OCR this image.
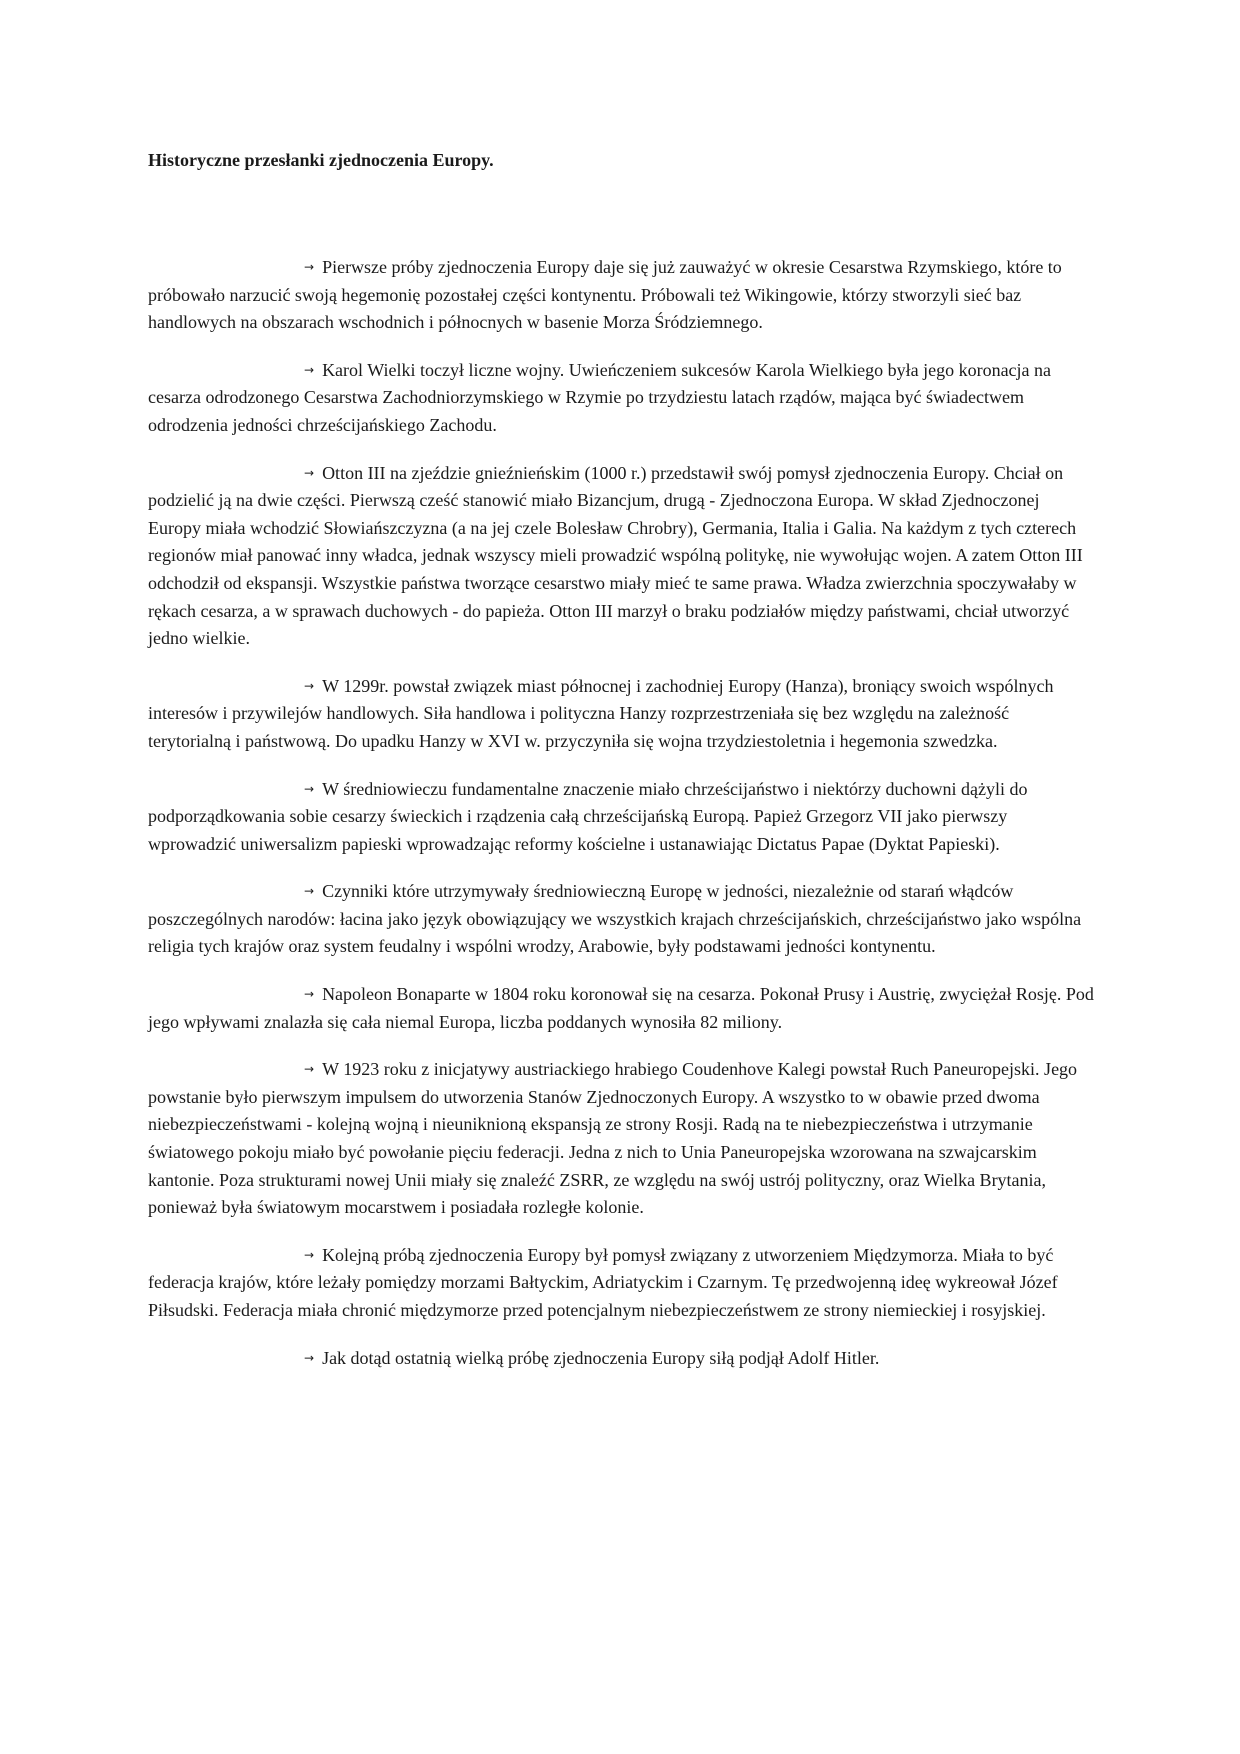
Historyczne przesłanki zjednoczenia Europy.

→ Pierwsze próby zjednoczenia Europy daje się już zauważyć w okresie Cesarstwa Rzymskiego, które to próbowało narzucić swoją hegemonię pozostałej części kontynentu. Próbowali też Wikingowie, którzy stworzyli sieć baz handlowych na obszarach wschodnich i północnych w basenie Morza Śródziemnego.

→ Karol Wielki toczył liczne wojny. Uwieńczeniem sukcesów Karola Wielkiego była jego koronacja na cesarza odrodzonego Cesarstwa Zachodniorzymskiego w Rzymie po trzydziestu latach rządów, mająca być świadectwem odrodzenia jedności chrześcijańskiego Zachodu.

→ Otton III na zjeździe gnieźnieńskim (1000 r.) przedstawił swój pomysł zjednoczenia Europy. Chciał on podzielić ją na dwie części. Pierwszą cześć stanowić miało Bizancjum, drugą - Zjednoczona Europa. W skład Zjednoczonej Europy miała wchodzić Słowiańszczyzna (a na jej czele Bolesław Chrobry), Germania, Italia i Galia. Na każdym z tych czterech regionów miał panować inny władca, jednak wszyscy mieli prowadzić wspólną politykę, nie wywołując wojen. A zatem Otton III odchodził od ekspansji. Wszystkie państwa tworzące cesarstwo miały mieć te same prawa. Władza zwierzchnia spoczywałaby w rękach cesarza, a w sprawach duchowych - do papieża. Otton III marzył o braku podziałów między państwami, chciał utworzyć jedno wielkie.

→ W 1299r. powstał związek miast północnej i zachodniej Europy (Hanza), broniący swoich wspólnych interesów i przywilejów handlowych. Siła handlowa i polityczna Hanzy rozprzestrzeniała się bez względu na zależność terytorialną i państwową. Do upadku Hanzy w XVI w. przyczyniła się wojna trzydziestoletnia i hegemonia szwedzka.

→ W średniowieczu fundamentalne znaczenie miało chrześcijaństwo i niektórzy duchowni dążyli do podporządkowania sobie cesarzy świeckich i rządzenia całą chrześcijańską Europą. Papież Grzegorz VII jako pierwszy wprowadzić uniwersalizm papieski wprowadzając reformy kościelne i ustanawiając Dictatus Papae (Dyktat Papieski).

→ Czynniki które utrzymywały średniowieczną Europę w jedności, niezależnie od starań włądców poszczególnych narodów: łacina jako język obowiązujący we wszystkich krajach chrześcijańskich, chrześcijaństwo jako wspólna religia tych krajów oraz system feudalny i wspólni wrodzy, Arabowie, były podstawami jedności kontynentu.

→ Napoleon Bonaparte w 1804 roku koronował się na cesarza. Pokonał Prusy i Austrię, zwyciężał Rosję. Pod jego wpływami znalazła się cała niemal Europa, liczba poddanych wynosiła 82 miliony.

→ W 1923 roku z inicjatywy austriackiego hrabiego Coudenhove Kalegi powstał Ruch Paneuropejski. Jego powstanie było pierwszym impulsem do utworzenia Stanów Zjednoczonych Europy. A wszystko to w obawie przed dwoma niebezpieczeństwami - kolejną wojną i nieuniknioną ekspansją ze strony Rosji. Radą na te niebezpieczeństwa i utrzymanie światowego pokoju miało być powołanie pięciu federacji. Jedna z nich to Unia Paneuropejska wzorowana na szwajcarskim kantonie. Poza strukturami nowej Unii miały się znaleźć ZSRR, ze względu na swój ustrój polityczny, oraz Wielka Brytania, ponieważ była światowym mocarstwem i posiadała rozległe kolonie.

→ Kolejną próbą zjednoczenia Europy był pomysł związany z utworzeniem Międzymorza. Miała to być federacja krajów, które leżały pomiędzy morzami Bałtyckim, Adriatyckim i Czarnym. Tę przedwojenną ideę wykreował Józef Piłsudski. Federacja miała chronić międzymorze przed potencjalnym niebezpieczeństwem ze strony niemieckiej i rosyjskiej.

→ Jak dotąd ostatnią wielką próbę zjednoczenia Europy siłą podjął Adolf Hitler.
